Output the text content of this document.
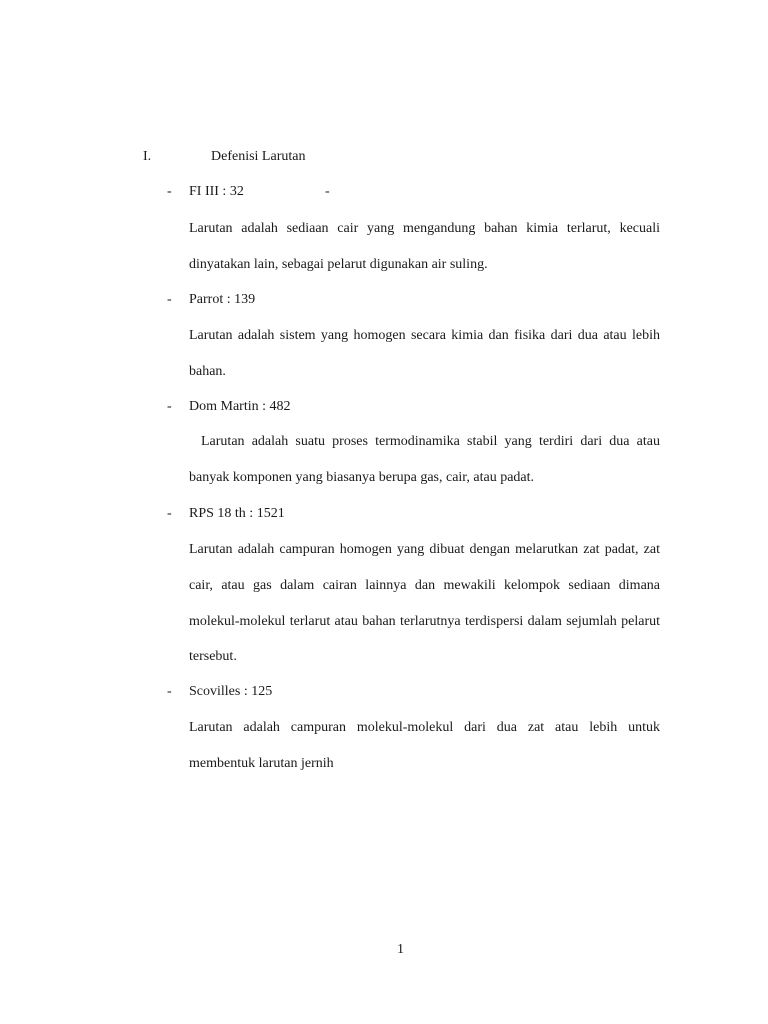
I.	Defenisi Larutan
- FI III : 32	-
Larutan adalah sediaan cair yang mengandung bahan kimia terlarut, kecuali dinyatakan lain, sebagai pelarut digunakan air suling.
- Parrot : 139
Larutan adalah sistem yang homogen secara kimia dan fisika dari dua atau lebih bahan.
- Dom Martin : 482
Larutan adalah suatu proses termodinamika stabil yang terdiri dari dua atau banyak komponen yang biasanya berupa gas, cair, atau padat.
- RPS 18 th : 1521
Larutan adalah campuran homogen yang dibuat dengan melarutkan zat padat, zat cair, atau gas dalam cairan lainnya dan mewakili kelompok sediaan dimana molekul-molekul terlarut atau bahan terlarutnya terdispersi dalam sejumlah pelarut tersebut.
- Scovilles : 125
Larutan adalah campuran molekul-molekul dari dua zat atau lebih untuk membentuk larutan jernih
1
